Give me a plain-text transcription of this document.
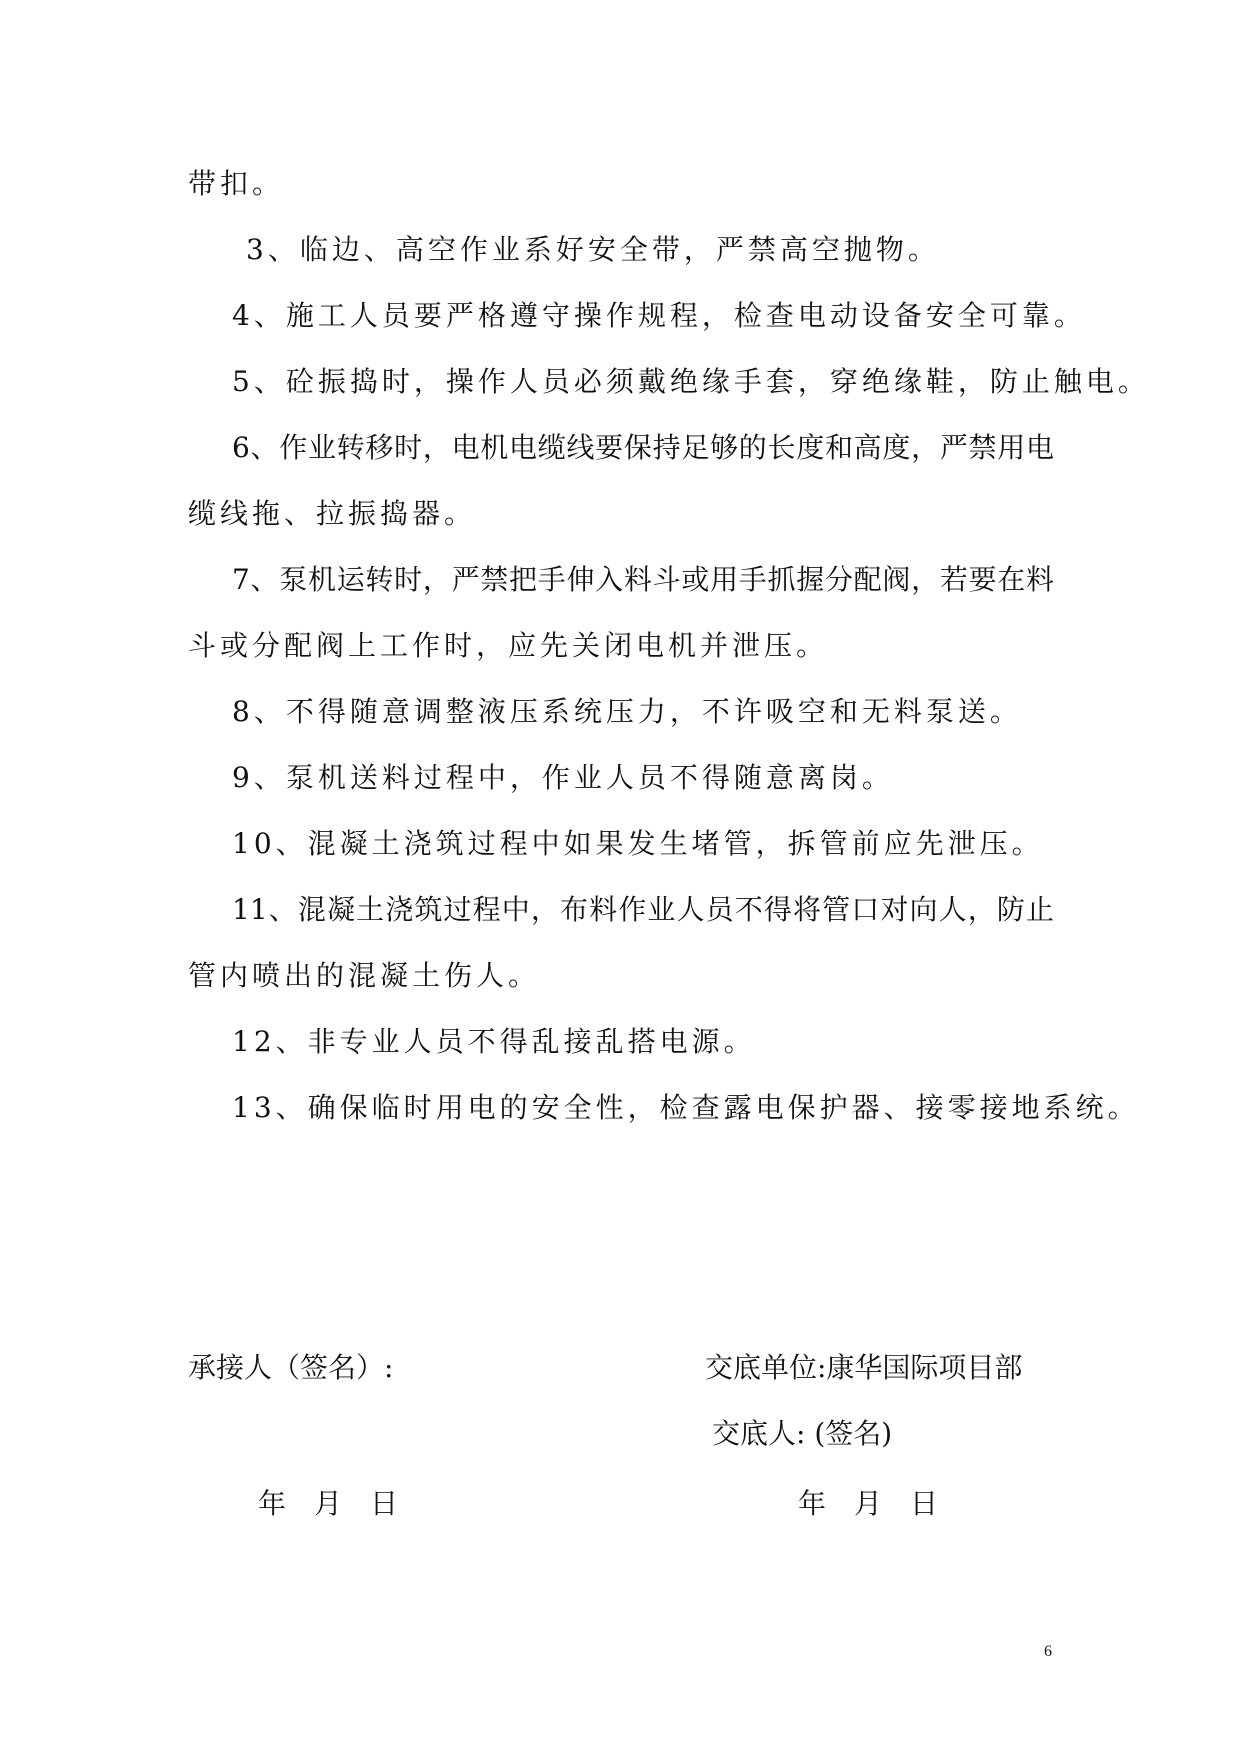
带扣。
3、临边、高空作业系好安全带，严禁高空抛物。
4、施工人员要严格遵守操作规程，检查电动设备安全可靠。
5、砼振捣时，操作人员必须戴绝缘手套，穿绝缘鞋，防止触电。
6、作业转移时，电机电缆线要保持足够的长度和高度，严禁用电
缆线拖、拉振捣器。
7、泵机运转时，严禁把手伸入料斗或用手抓握分配阀，若要在料
斗或分配阀上工作时，应先关闭电机并泄压。
8、不得随意调整液压系统压力，不许吸空和无料泵送。
9、泵机送料过程中，作业人员不得随意离岗。
10、混凝土浇筑过程中如果发生堵管，拆管前应先泄压。
11、混凝土浇筑过程中，布料作业人员不得将管口对向人，防止
管内喷出的混凝土伤人。
12、非专业人员不得乱接乱搭电源。
13、确保临时用电的安全性，检查露电保护器、接零接地系统。
承接人（签名）:	交底单位:康华国际项目部
交底人: (签名)
年 月 日	年 月 日
6
